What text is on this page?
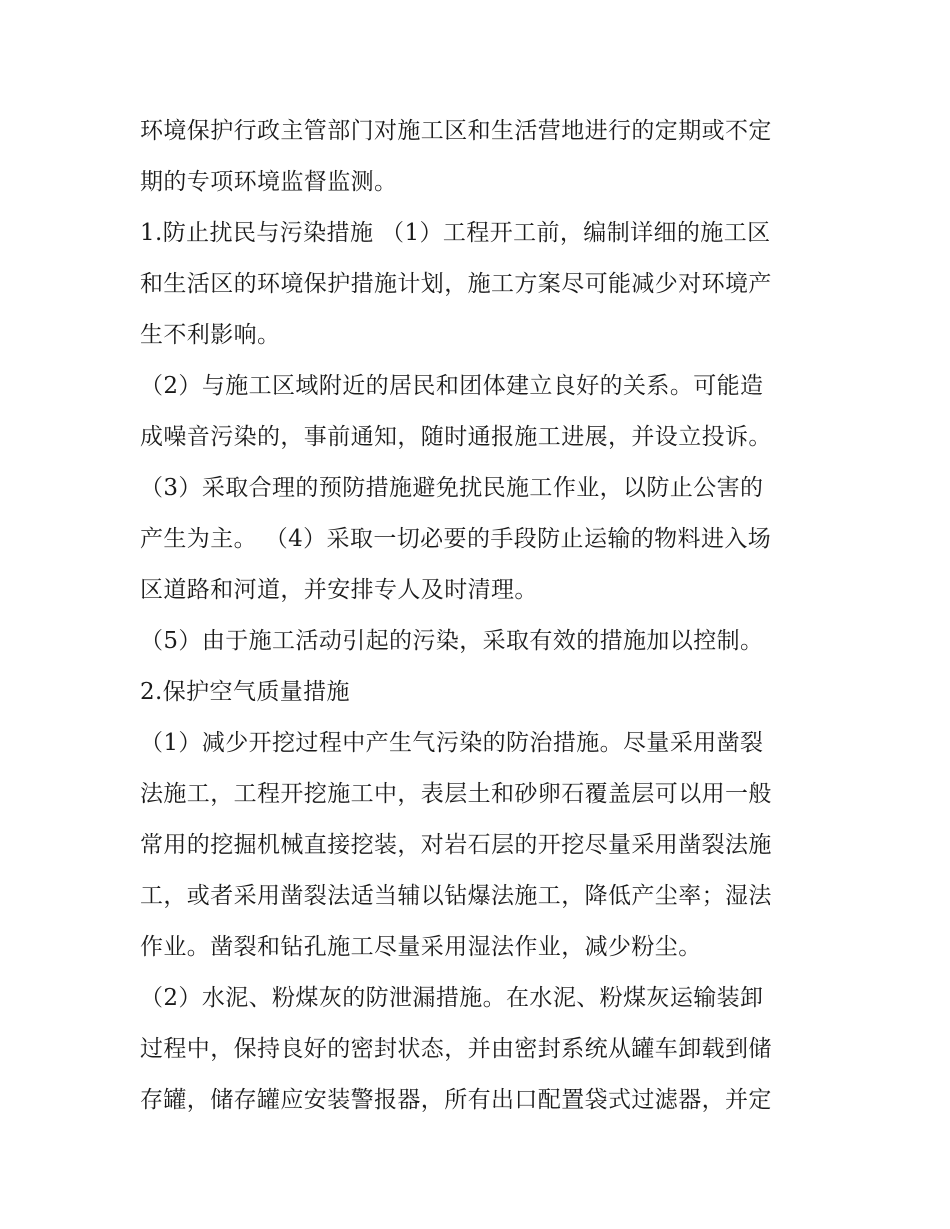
环境保护行政主管部门对施工区和生活营地进行的定期或不定
期的专项环境监督监测。
1.防止扰民与污染措施 （1）工程开工前，编制详细的施工区
和生活区的环境保护措施计划，施工方案尽可能减少对环境产
生不利影响。
（2）与施工区域附近的居民和团体建立良好的关系。可能造
成噪音污染的，事前通知，随时通报施工进展，并设立投诉。
（3）采取合理的预防措施避免扰民施工作业，以防止公害的
产生为主。 （4）采取一切必要的手段防止运输的物料进入场
区道路和河道，并安排专人及时清理。
（5）由于施工活动引起的污染，采取有效的措施加以控制。
2.保护空气质量措施
（1）减少开挖过程中产生气污染的防治措施。尽量采用凿裂
法施工，工程开挖施工中，表层土和砂卵石覆盖层可以用一般
常用的挖掘机械直接挖装，对岩石层的开挖尽量采用凿裂法施
工，或者采用凿裂法适当辅以钻爆法施工，降低产尘率；湿法
作业。凿裂和钻孔施工尽量采用湿法作业，减少粉尘。
（2）水泥、粉煤灰的防泄漏措施。在水泥、粉煤灰运输装卸
过程中，保持良好的密封状态，并由密封系统从罐车卸载到储
存罐，储存罐应安装警报器，所有出口配置袋式过滤器，并定
